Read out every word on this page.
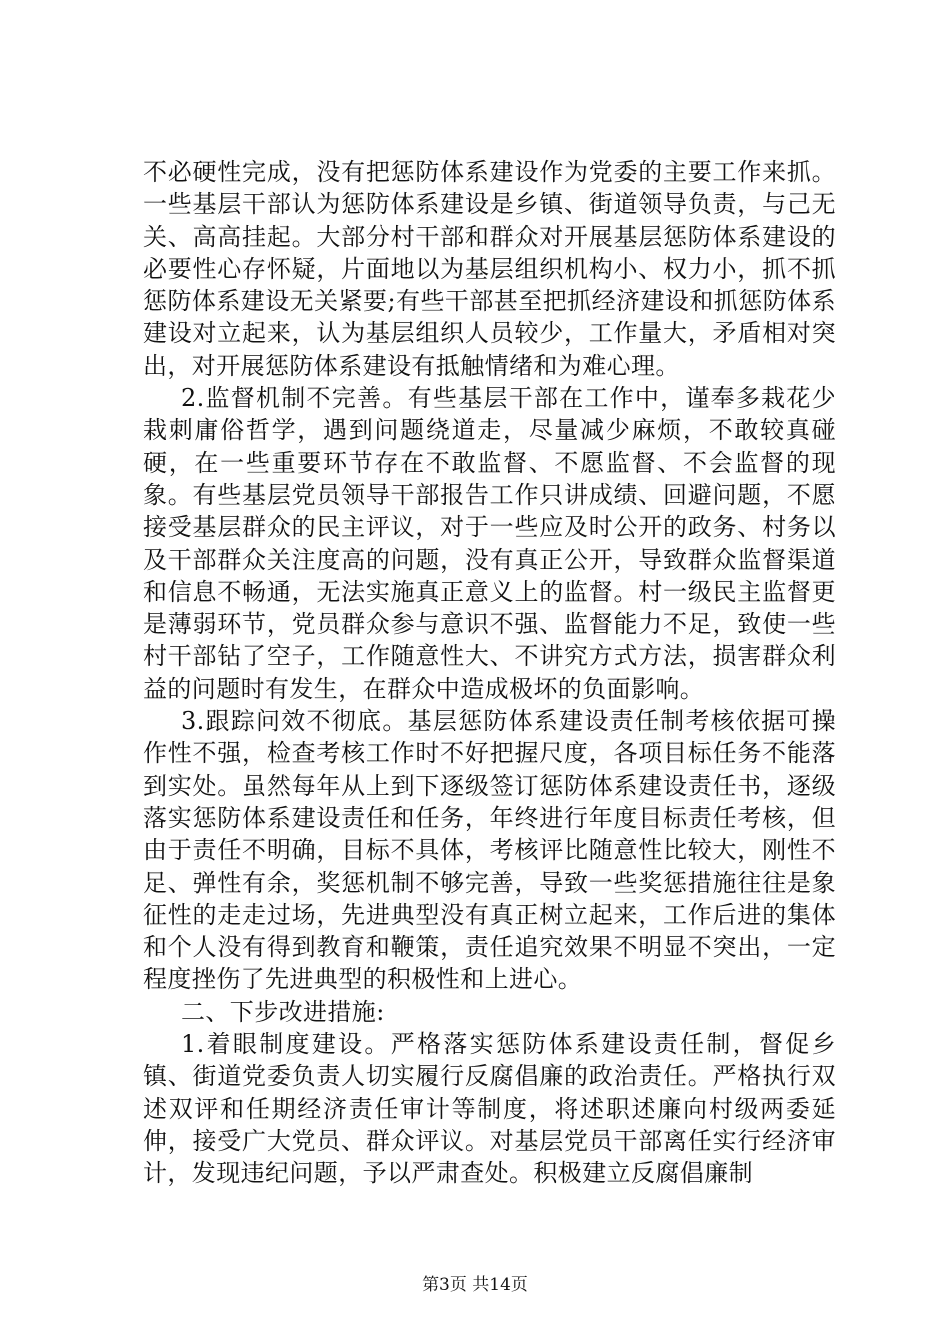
不必硬性完成，没有把惩防体系建设作为党委的主要工作来抓。一些基层干部认为惩防体系建设是乡镇、街道领导负责，与己无关、高高挂起。大部分村干部和群众对开展基层惩防体系建设的必要性心存怀疑，片面地以为基层组织机构小、权力小，抓不抓惩防体系建设无关紧要;有些干部甚至把抓经济建设和抓惩防体系建设对立起来，认为基层组织人员较少，工作量大，矛盾相对突出，对开展惩防体系建设有抵触情绪和为难心理。

2.监督机制不完善。有些基层干部在工作中，谨奉多栽花少栽刺庸俗哲学，遇到问题绕道走，尽量减少麻烦，不敢较真碰硬，在一些重要环节存在不敢监督、不愿监督、不会监督的现象。有些基层党员领导干部报告工作只讲成绩、回避问题，不愿接受基层群众的民主评议，对于一些应及时公开的政务、村务以及干部群众关注度高的问题，没有真正公开，导致群众监督渠道和信息不畅通，无法实施真正意义上的监督。村一级民主监督更是薄弱环节，党员群众参与意识不强、监督能力不足，致使一些村干部钻了空子，工作随意性大、不讲究方式方法，损害群众利益的问题时有发生，在群众中造成极坏的负面影响。

3.跟踪问效不彻底。基层惩防体系建设责任制考核依据可操作性不强，检查考核工作时不好把握尺度，各项目标任务不能落到实处。虽然每年从上到下逐级签订惩防体系建设责任书，逐级落实惩防体系建设责任和任务，年终进行年度目标责任考核，但由于责任不明确，目标不具体，考核评比随意性比较大，刚性不足、弹性有余，奖惩机制不够完善，导致一些奖惩措施往往是象征性的走走过场，先进典型没有真正树立起来，工作后进的集体和个人没有得到教育和鞭策，责任追究效果不明显不突出，一定程度挫伤了先进典型的积极性和上进心。

二、下步改进措施:

1.着眼制度建设。严格落实惩防体系建设责任制，督促乡镇、街道党委负责人切实履行反腐倡廉的政治责任。严格执行双述双评和任期经济责任审计等制度，将述职述廉向村级两委延伸，接受广大党员、群众评议。对基层党员干部离任实行经济审计，发现违纪问题，予以严肃查处。积极建立反腐倡廉制

第3页 共14页
